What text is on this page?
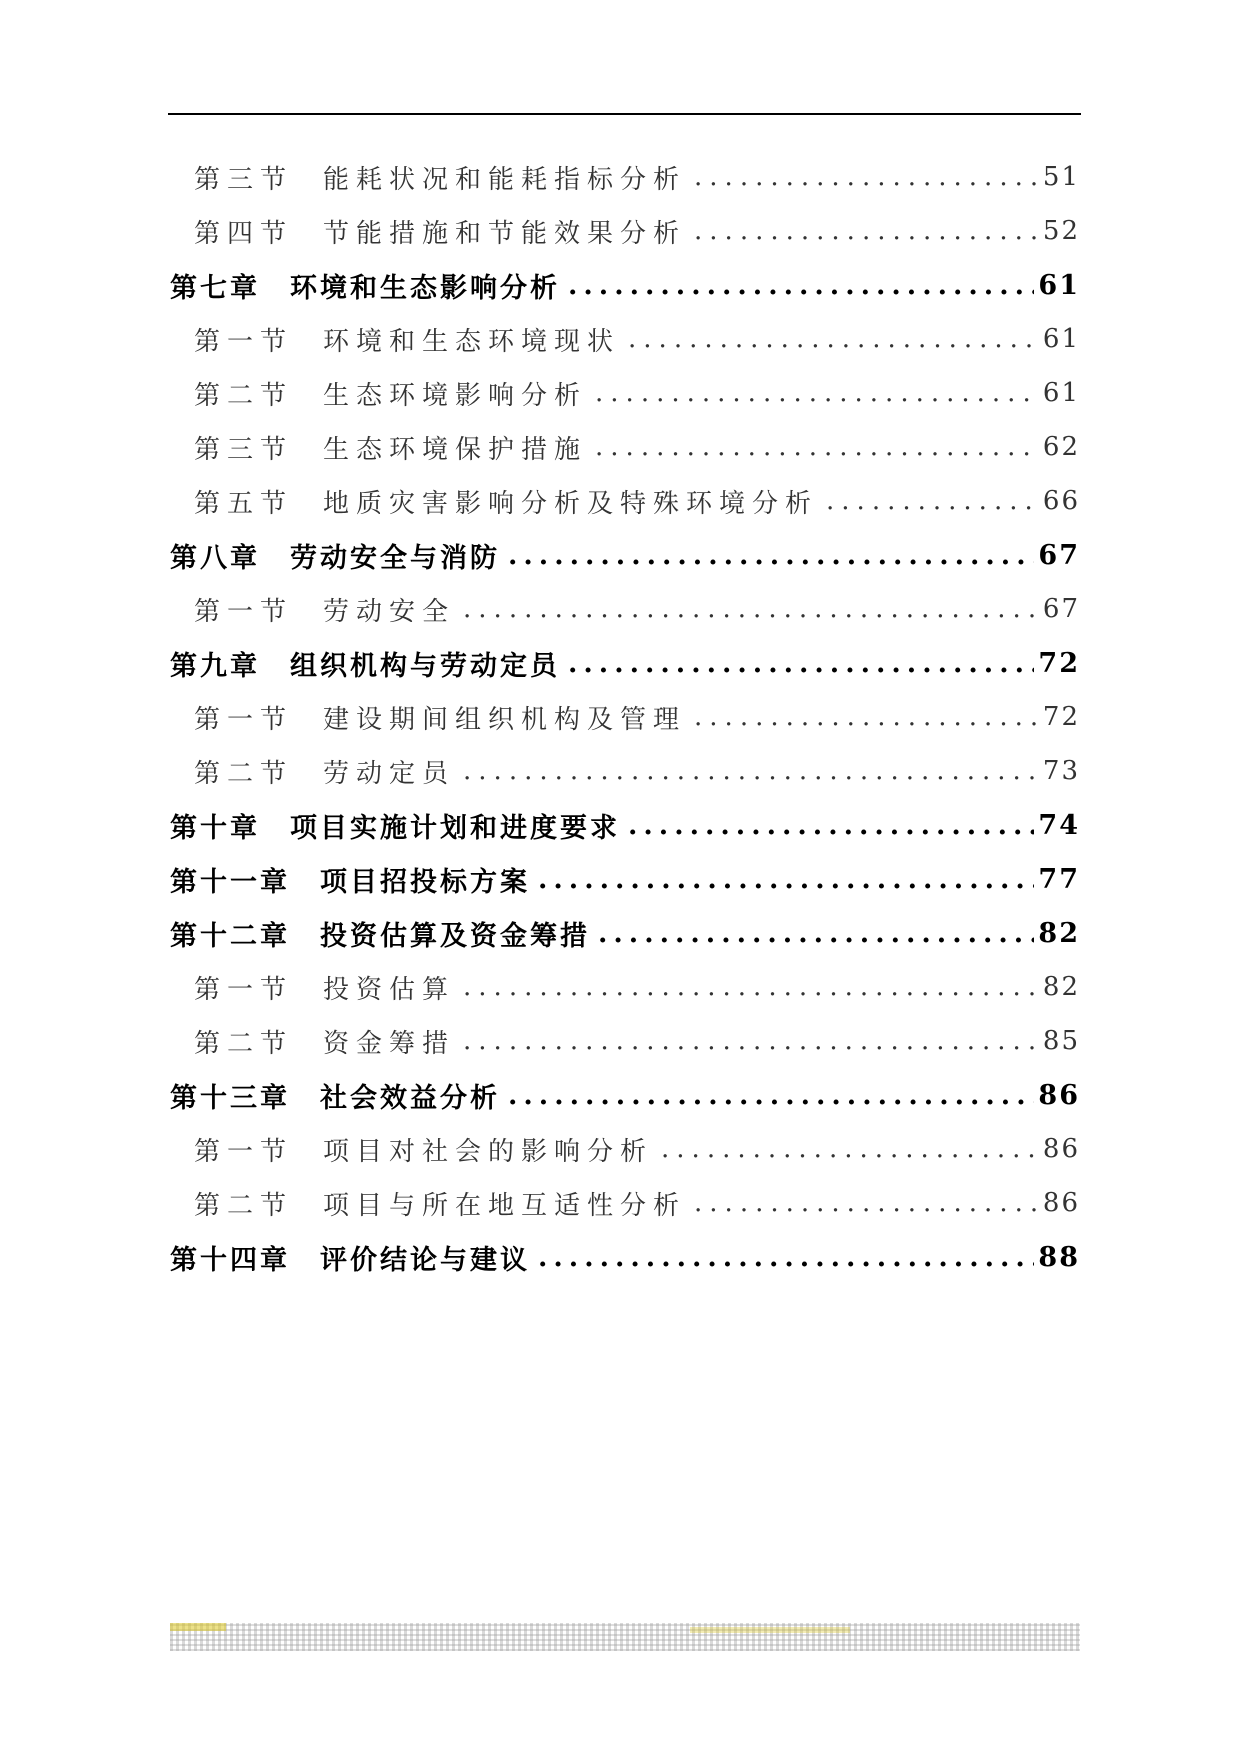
第三节 能耗状况和能耗指标分析 .....	51
第四节 节能措施和节能效果分析 .....	52
第七章 环境和生态影响分析 .....	61
第一节 环境和生态环境现状 .....	61
第二节 生态环境影响分析 .....	61
第三节 生态环境保护措施 .....	62
第五节 地质灾害影响分析及特殊环境分析 .....	66
第八章 劳动安全与消防 .....	67
第一节 劳动安全 .....	67
第九章 组织机构与劳动定员 .....	72
第一节 建设期间组织机构及管理 .....	72
第二节 劳动定员 .....	73
第十章 项目实施计划和进度要求 .....	74
第十一章 项目招投标方案 .....	77
第十二章 投资估算及资金筹措 .....	82
第一节 投资估算 .....	82
第二节 资金筹措 .....	85
第十三章 社会效益分析 .....	86
第一节 项目对社会的影响分析 .....	86
第二节 项目与所在地互适性分析 .....	86
第十四章 评价结论与建议 .....	88
